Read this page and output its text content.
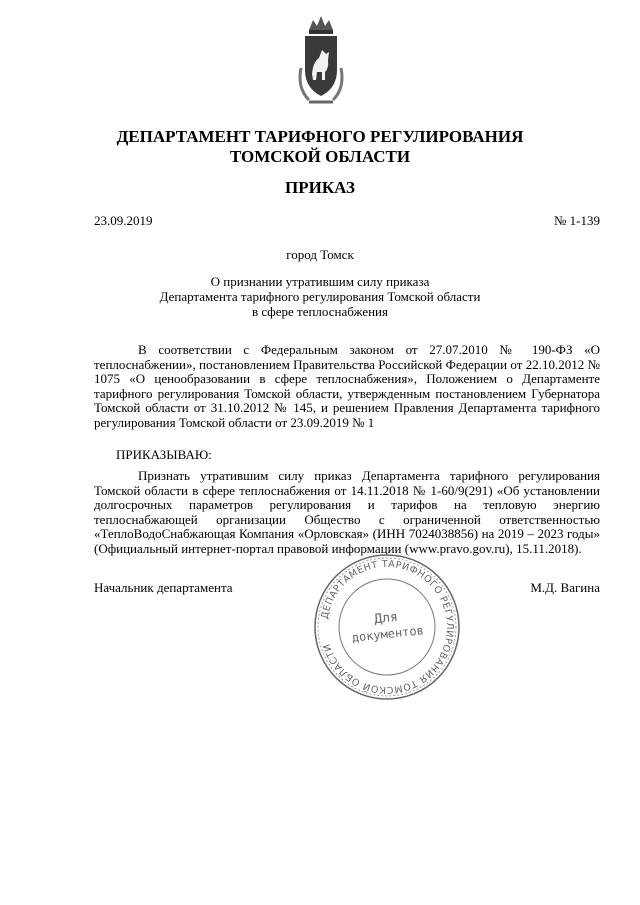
ДЕПАРТАМЕНТ ТАРИФНОГО РЕГУЛИРОВАНИЯ
ТОМСКОЙ ОБЛАСТИ
ПРИКАЗ
23.09.2019	№ 1-139
город Томск
О признании утратившим силу приказа
Департамента тарифного регулирования Томской области
в сфере теплоснабжения
В соответствии с Федеральным законом от 27.07.2010 № 190-ФЗ «О теплоснабжении», постановлением Правительства Российской Федерации от 22.10.2012 № 1075 «О ценообразовании в сфере теплоснабжения», Положением о Департаменте тарифного регулирования Томской области, утвержденным постановлением Губернатора Томской области от 31.10.2012 № 145, и решением Правления Департамента тарифного регулирования Томской области от 23.09.2019 № 1
ПРИКАЗЫВАЮ:
Признать утратившим силу приказ Департамента тарифного регулирования Томской области в сфере теплоснабжения от 14.11.2018 № 1-60/9(291) «Об установлении долгосрочных параметров регулирования и тарифов на тепловую энергию теплоснабжающей организации Общество с ограниченной ответственностью «ТеплоВодоСнабжающая Компания «Орловская» (ИНН 7024038856) на 2019 – 2023 годы» (Официальный интернет-портал правовой информации (www.pravo.gov.ru), 15.11.2018).
Начальник департамента	М.Д. Вагина
ДЕПАРТАМЕНТ ТАРИФНОГО РЕГУЛИРОВАНИЯ ТОМСКОЙ ОБЛАСТИ
Для
документов
